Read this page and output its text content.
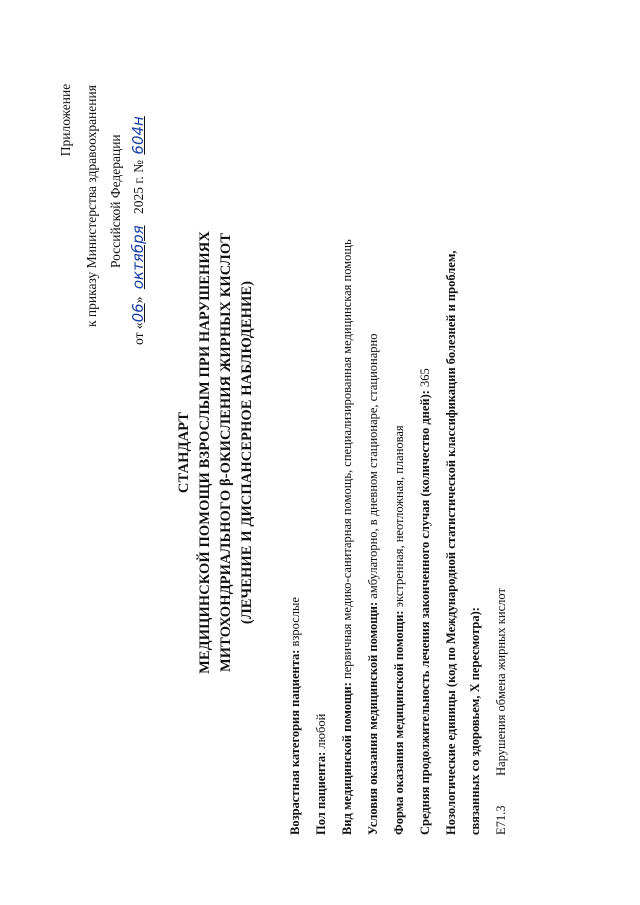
Приложение к приказу Министерства здравоохранения Российской Федерации
от «06» октября 2025 г. № 604н
СТАНДАРТ МЕДИЦИНСКОЙ ПОМОЩИ ВЗРОСЛЫМ ПРИ НАРУШЕНИЯХ МИТОХОНДРИАЛЬНОГО β-ОКИСЛЕНИЯ ЖИРНЫХ КИСЛОТ (ЛЕЧЕНИЕ И ДИСПАНСЕРНОЕ НАБЛЮДЕНИЕ)
Возрастная категория пациента: взрослые
Пол пациента: любой Вид медицинской помощи: первичная медико-санитарная помощь, специализированная медицинская помощь
Условия оказания медицинской помощи: амбулаторно, в дневном стационаре, стационарно
Форма оказания медицинской помощи: экстренная, неотложная, плановая Средняя продолжительность лечения законченного случая (количество дней): 365 Нозологические единицы (код по Международной статистической классификации болезней и проблем, связанных со здоровьем, X пересмотра): E71.3 Нарушения обмена жирных кислот
